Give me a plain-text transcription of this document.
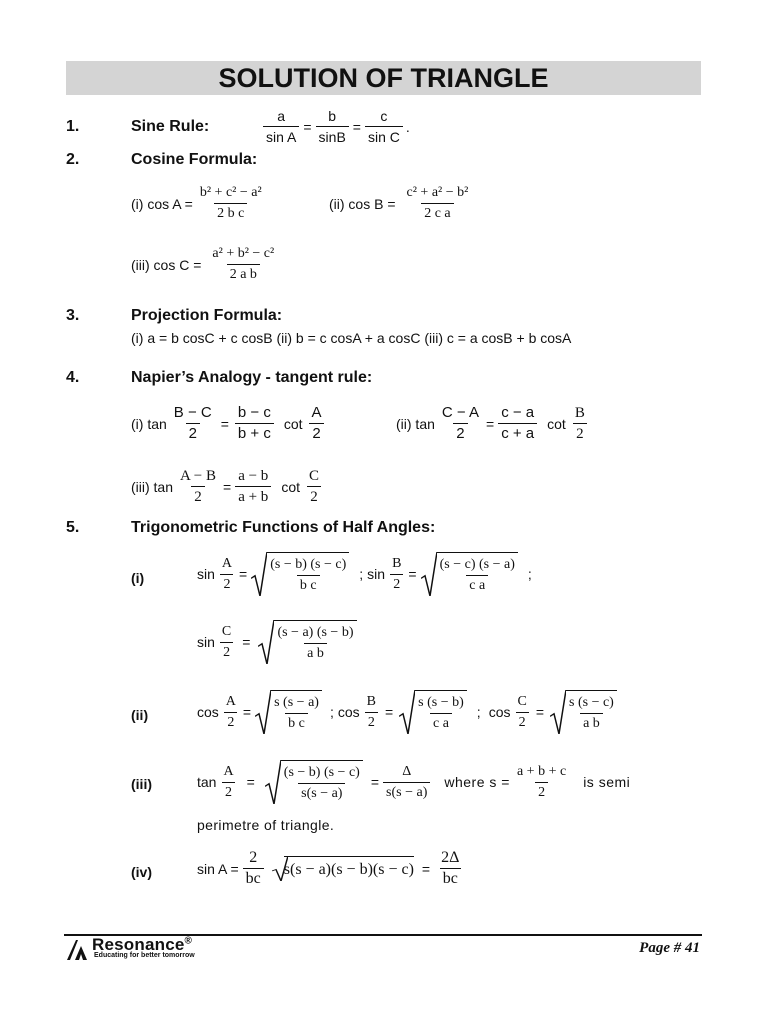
SOLUTION OF TRIANGLE
1.	Sine Rule:	$\frac{a}{\text{sin A}} = \frac{b}{\sin B} = \frac{c}{\text{sin C}}$ .
2.	Cosine Formula:
(i) $\cos A = \frac{\text{b² + c² − a²}}{\text{2 b c}}$	(ii) $\cos B = \frac{\text{c² + a² − b²}}{\text{2 c a}}$
(iii) $\cos C = \frac{\text{a² + b² − c²}}{\text{2 a b}}$
3.	Projection Formula:
(i) a = b cosC + c cosB (ii) b = c cosA + a cosC (iii) c = a cosB + b cosA
4.	Napier’s Analogy - tangent rule:
(i) $\tan \frac{B - C}{2} = \frac{b - c}{b + c}$ $\cot \frac{A}{2}$	(ii) $\tan \frac{C - A}{2} = \frac{c - a}{c + a}$ $\cot \frac{B}{2}$
(iii) $\tan \frac{A - B}{2} = \frac{a - b}{a + b}$ $\cot \frac{C}{2}$
5.	Trigonometric Functions of Half Angles:
(i)	$\sin \frac{A}{2} = \frac{(s - b) (s - c)}{\text{b c}}$ ; $\sin \frac{B}{2} = \frac{(s - c) (s - a)}{\text{c a}}$ ;
$\sin \frac{C}{2} = \frac{(s - a) (s - b)}{\text{a b}}$
(ii)	$\cos \frac{A}{2} = \frac{s (s - a)}{\text{b c}}$ ; $\cos \frac{B}{2} = \frac{s (s - b)}{\text{c a}}$ ; $\cos \frac{C}{2} = \frac{s (s - c)}{\text{a b}}$
(iii)	$\tan \frac{A}{2} = \frac{(s - b) (s - c)}{s(s - a)} = \frac{\Delta}{s(s - a)}$ where $s = \frac{a + b + c}{2}$ is semi
perimetre of triangle.
(iv)	$\sin A = \frac{2}{bc} s(s - a)(s - b)(s - c) = \frac{2\Delta}{bc}$
Resonance®
Educating for better tomorrow	Page # 41
